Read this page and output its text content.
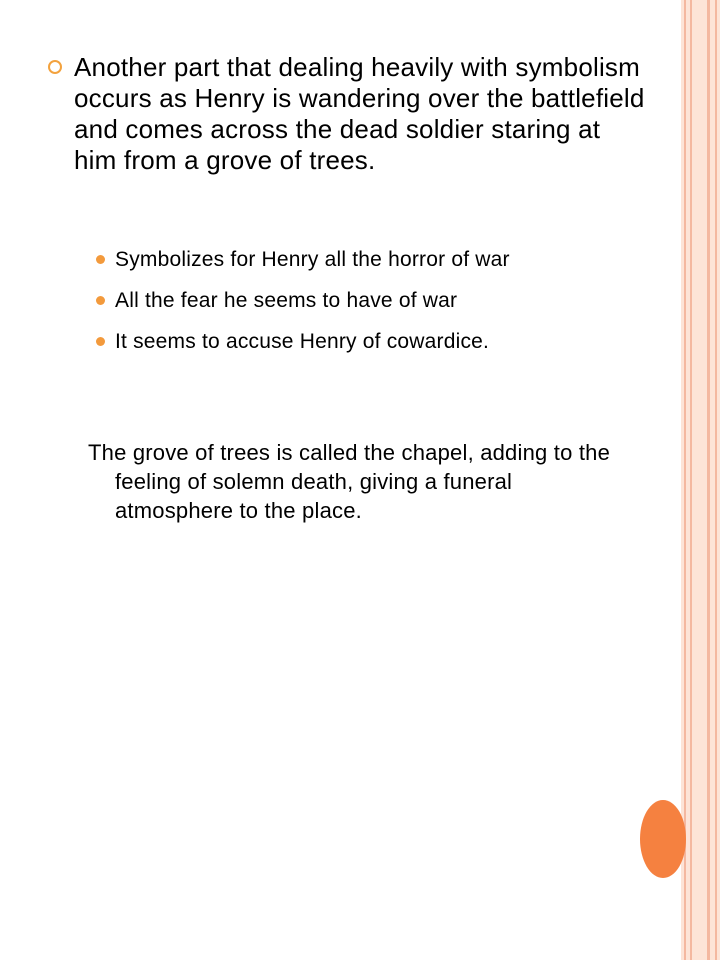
Another part that dealing heavily with symbolism occurs as Henry is wandering over the battlefield and comes across the dead soldier staring at him from a grove of trees.
Symbolizes for Henry all the horror of war
All the fear he seems to have of war
It seems to accuse Henry of cowardice.
The grove of trees is called the chapel, adding to the feeling of solemn death, giving a funeral atmosphere to the place.
